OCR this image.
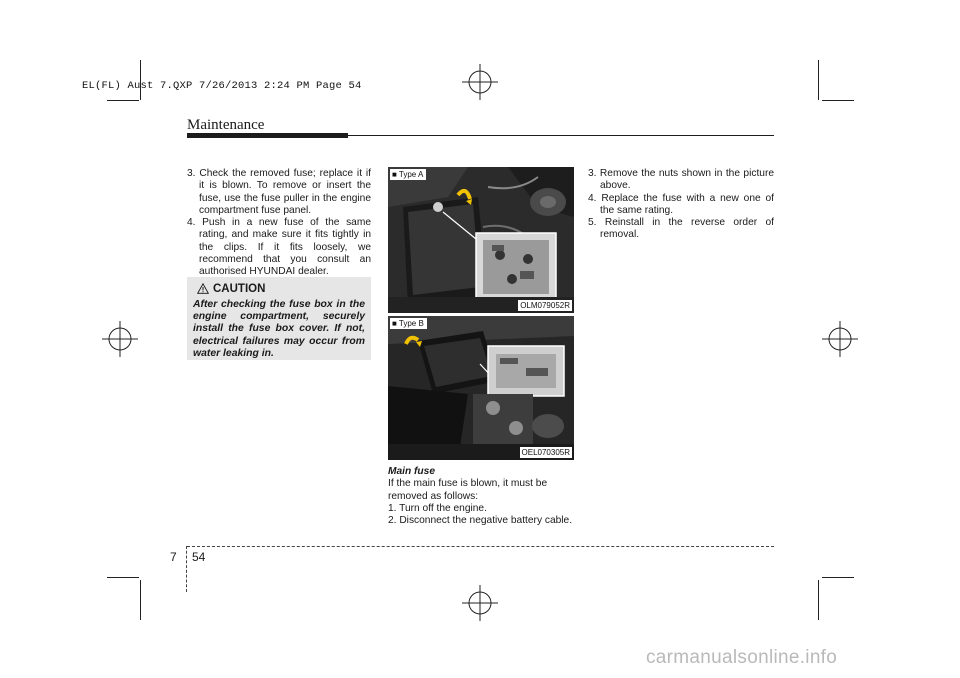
EL(FL) Aust 7.QXP 7/26/2013 2:24 PM Page 54
Maintenance

3. Check the removed fuse; replace it if it is blown. To remove or insert the fuse, use the fuse puller in the engine compartment fuse panel.

4. Push in a new fuse of the same rating, and make sure it fits tightly in the clips. If it fits loosely, we recommend that you consult an authorised HYUNDAI dealer.

CAUTION
After checking the fuse box in the engine compartment, securely install the fuse box cover. If not, electrical failures may occur from water leaking in.
■ Type A
OLM079052R
■ Type B
OEL070305R

Main fuse

If the main fuse is blown, it must be removed as follows:

1. Turn off the engine.

2. Disconnect the negative battery cable.

3. Remove the nuts shown in the picture above.

4. Replace the fuse with a new one of the same rating.

5. Reinstall in the reverse order of removal.

7 54
carmanualsonline.info
